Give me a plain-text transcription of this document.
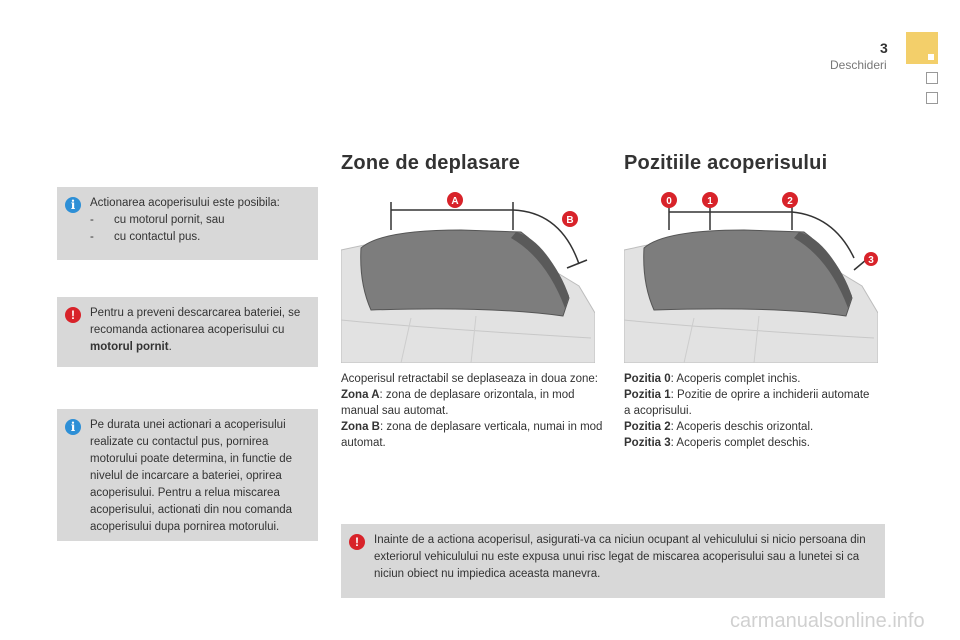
3
Deschideri
i	Actionarea acoperisului este posibila:

-	cu motorul pornit, sau
-	cu contactul pus.
!	Pentru a preveni descarcarea bateriei, se recomanda actionarea acoperisului cu motorul pornit.

i	Pe durata unei actionari a acoperisului realizate cu contactul pus, pornirea motorului poate determina, in functie de nivelul de incarcare a bateriei, oprirea acoperisului. Pentru a relua miscarea acoperisului, actionati din nou comanda acoperisului dupa pornirea motorului.

Zone de deplasare
A
B
Acoperisul retractabil se deplaseaza in doua zone:
Zona A: zona de deplasare orizontala, in mod manual sau automat.
Zona B: zona de deplasare verticala, numai in mod automat.
Pozitiile acoperisului
0	1	2
3
Pozitia 0: Acoperis complet inchis.
Pozitia 1: Pozitie de oprire a inchiderii automate a acoprisului.
Pozitia 2: Acoperis deschis orizontal.
Pozitia 3: Acoperis complet deschis.
!	Inainte de a actiona acoperisul, asigurati-va ca niciun ocupant al vehiculului si nicio persoana din exteriorul vehiculului nu este expusa unui risc legat de miscarea acoperisului sau a lunetei si ca niciun obiect nu impiedica aceasta manevra.

carmanualsonline.info
